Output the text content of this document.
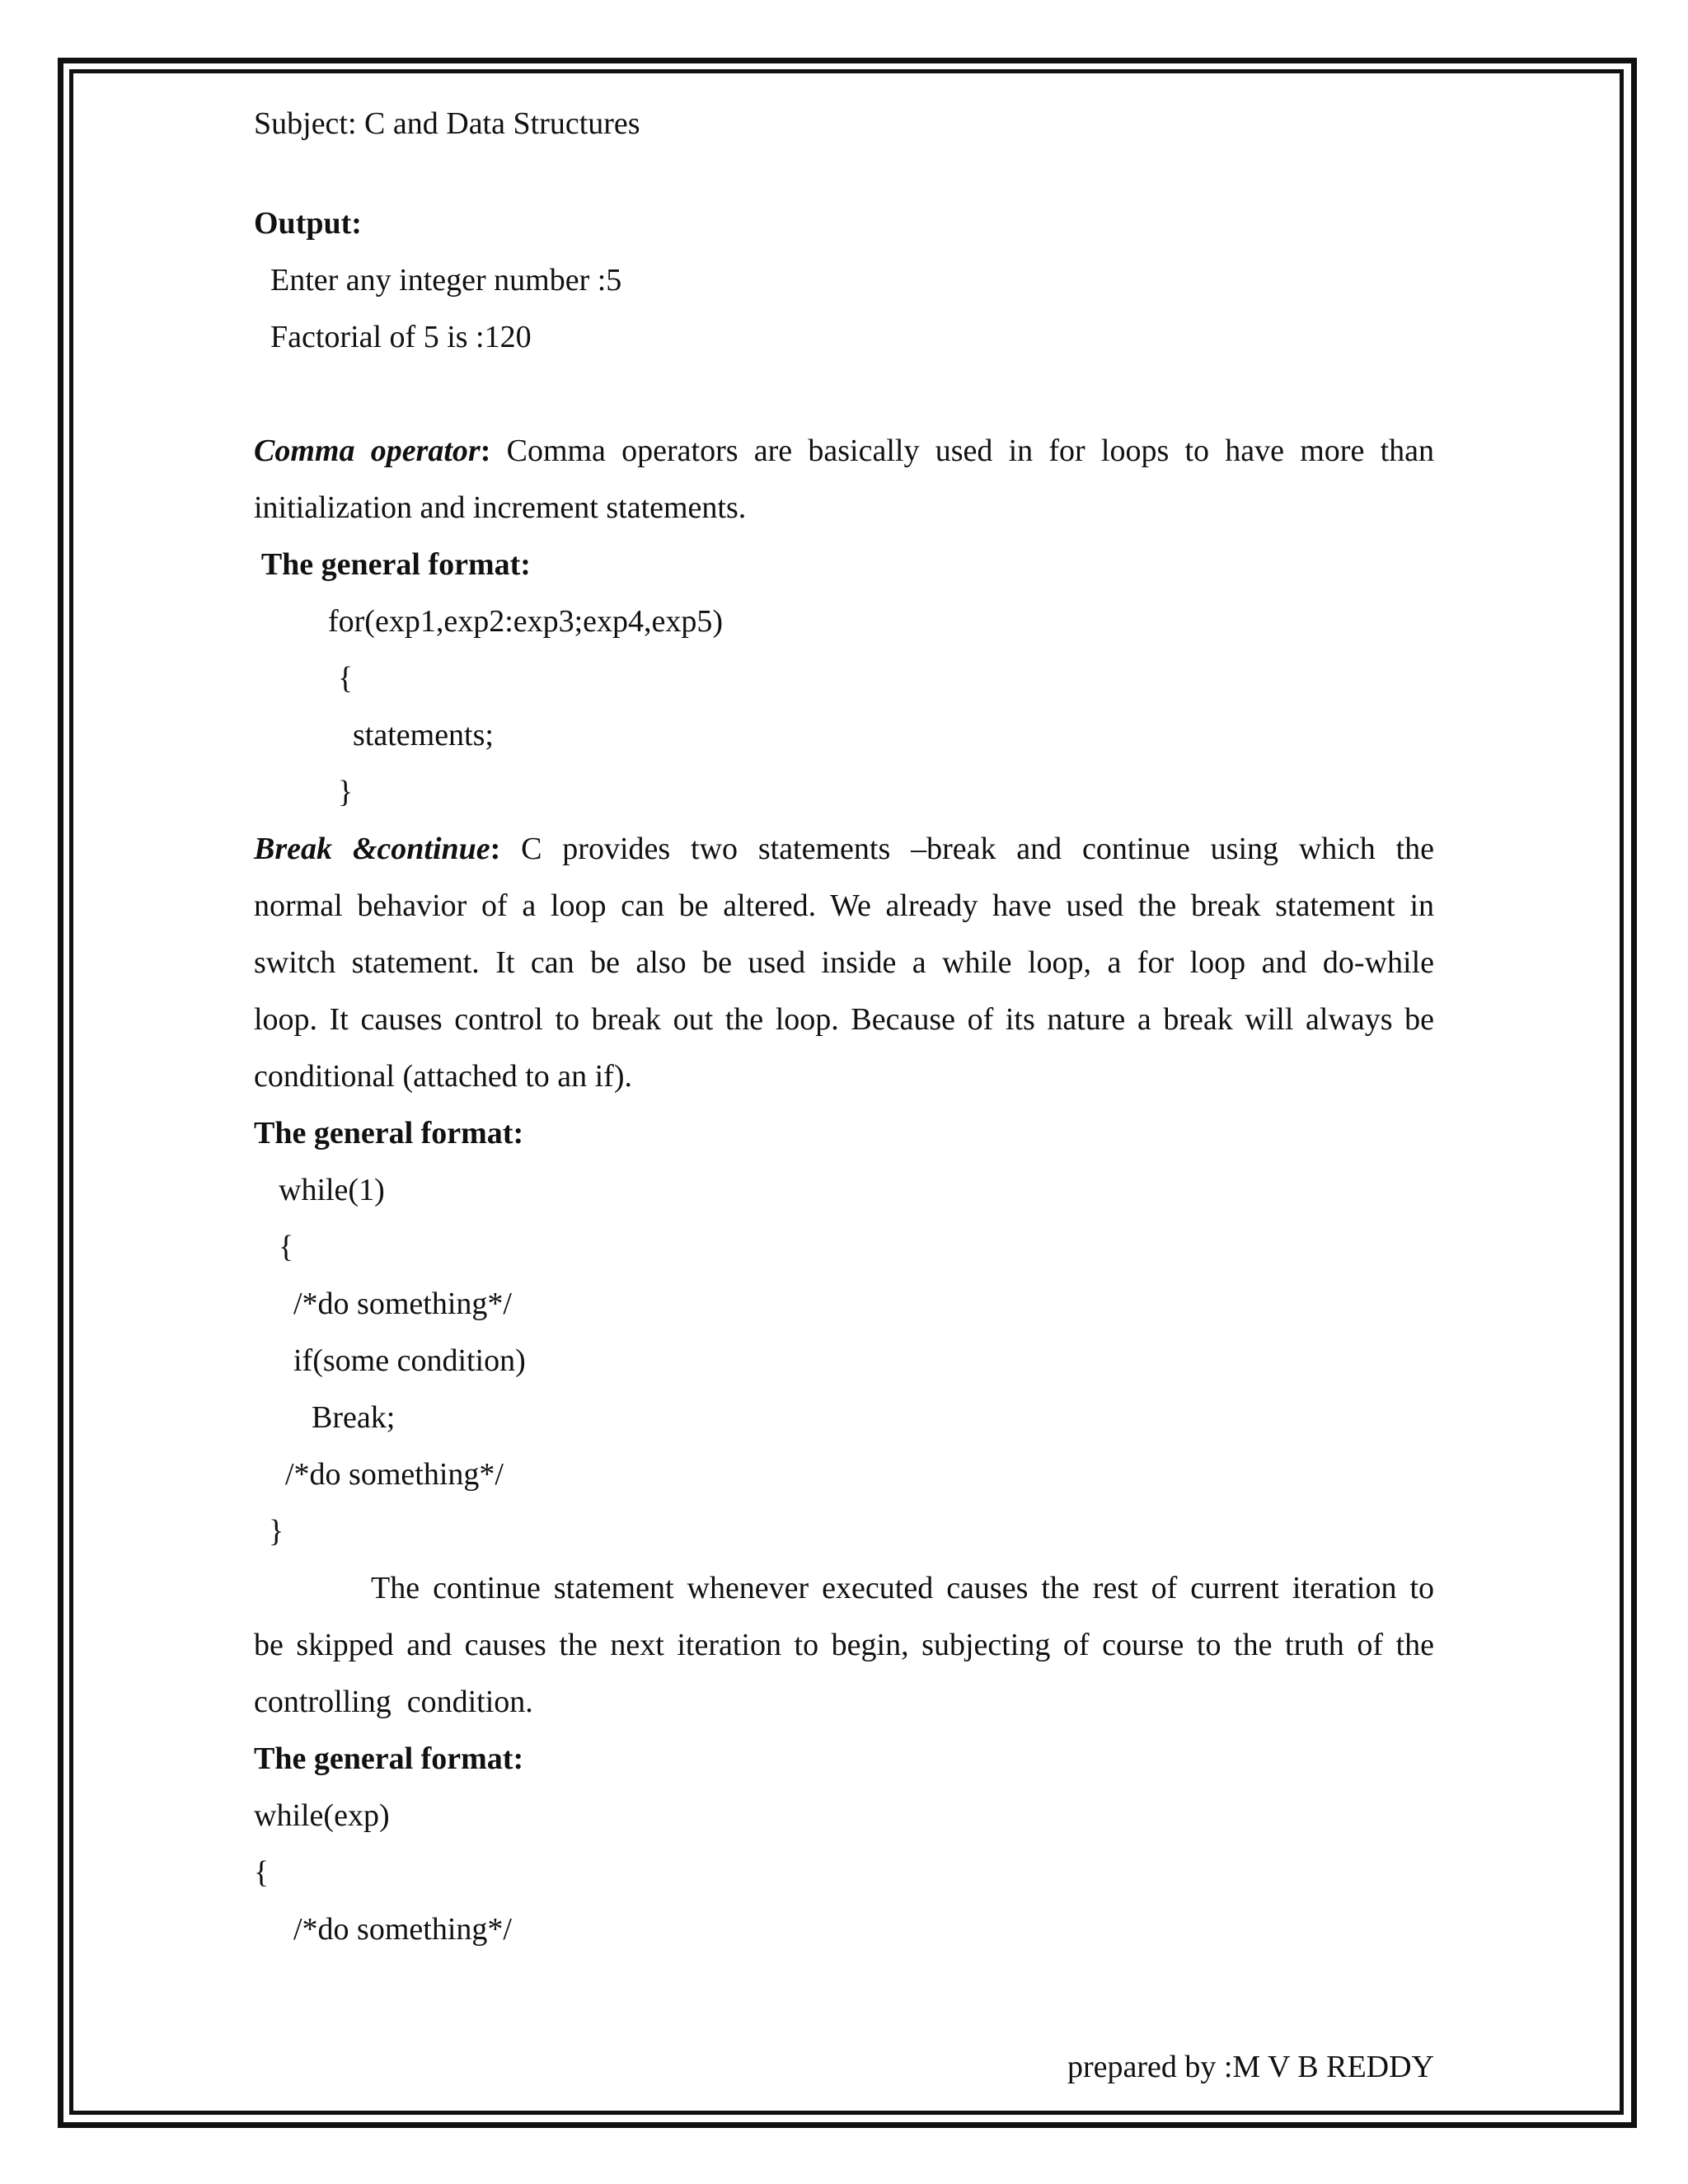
Subject: C and Data Structures
Output:
Enter any integer number :5
Factorial of 5 is :120
Comma operator: Comma operators are basically used in for loops to have more than
initialization and increment statements.
The general format:
for(exp1,exp2:exp3;exp4,exp5)
{
statements;
}
Break &continue: C provides two statements –break and continue using which the
normal behavior of a loop can be altered. We already have used the break statement in
switch statement. It can be also be used inside a while loop, a for loop and do-while
loop. It causes control to break out the loop. Because of its nature a break will always be
conditional (attached to an if).
The general format:
while(1)
{
/*do something*/
if(some condition)
Break;
/*do something*/
}
The continue statement whenever executed causes the rest of current iteration to
be skipped and causes the next iteration to begin, subjecting of course to the truth of the
controlling  condition.
The general format:
while(exp)
{
/*do something*/
prepared by :M V B REDDY
